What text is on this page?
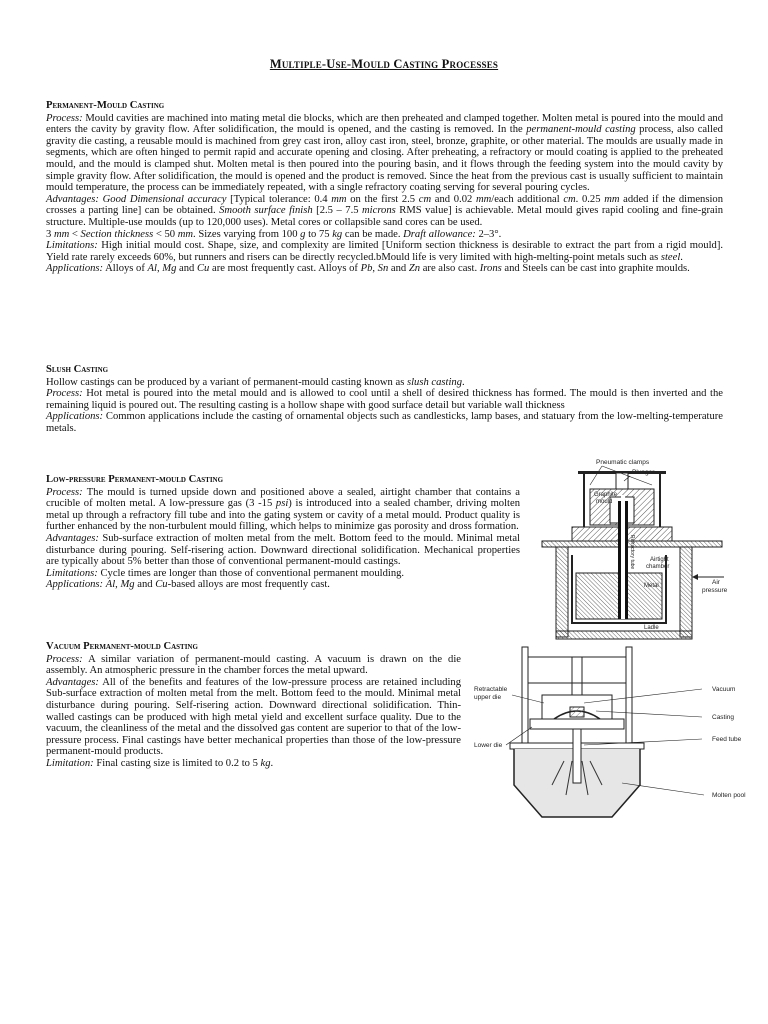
Multiple-Use-Mould Casting Processes
Permanent-Mould Casting

Process: Mould cavities are machined into mating metal die blocks, which are then preheated and clamped together. Molten metal is poured into the mould and enters the cavity by gravity flow. After solidification, the mould is opened, and the casting is removed. In the permanent-mould casting process, also called gravity die casting, a reusable mould is machined from grey cast iron, alloy cast iron, steel, bronze, graphite, or other material. The moulds are usually made in segments, which are often hinged to permit rapid and accurate opening and closing. After preheating, a refractory or mould coating is applied to the preheated mould, and the mould is clamped shut. Molten metal is then poured into the pouring basin, and it flows through the feeding system into the mould cavity by simple gravity flow. After solidification, the mould is opened and the product is removed. Since the heat from the previous cast is usually sufficient to maintain mould temperature, the process can be immediately repeated, with a single refractory coating serving for several pouring cycles.

Advantages: Good Dimensional accuracy [Typical tolerance: 0.4 mm on the first 2.5 cm and 0.02 mm/each additional cm. 0.25 mm added if the dimension crosses a parting line] can be obtained. Smooth surface finish [2.5 – 7.5 microns RMS value] is achievable. Metal mould gives rapid cooling and fine-grain structure. Multiple-use moulds (up to 120,000 uses). Metal cores or collapsible sand cores can be used.

3 mm < Section thickness < 50 mm. Sizes varying from 100 g to 75 kg can be made. Draft allowance: 2–3°.

Limitations: High initial mould cost. Shape, size, and complexity are limited [Uniform section thickness is desirable to extract the part from a rigid mould]. Yield rate rarely exceeds 60%, but runners and risers can be directly recycled.bMould life is very limited with high-melting-point metals such as steel.

Applications: Alloys of Al, Mg and Cu are most frequently cast. Alloys of Pb, Sn and Zn are also cast. Irons and Steels can be cast into graphite moulds.

Slush Casting

Hollow castings can be produced by a variant of permanent-mould casting known as slush casting.

Process: Hot metal is poured into the metal mould and is allowed to cool until a shell of desired thickness has formed. The mould is then inverted and the remaining liquid is poured out. The resulting casting is a hollow shape with good surface detail but variable wall thickness

Applications: Common applications include the casting of ornamental objects such as candlesticks, lamp bases, and statuary from the low-melting-temperature metals.

Low-pressure Permanent-mould Casting

Process: The mould is turned upside down and positioned above a sealed, airtight chamber that contains a crucible of molten metal. A low-pressure gas (3 -15 psi) is introduced into a sealed chamber, driving molten metal up through a refractory fill tube and into the gating system or cavity of a metal mould. Product quality is further enhanced by the non-turbulent mould filling, which helps to minimize gas porosity and dross formation.

Advantages: Sub-surface extraction of molten metal from the melt. Bottom feed to the mould. Minimal metal disturbance during pouring. Self-risering action. Downward directional solidification. Mechanical properties are typically about 5% better than those of conventional permanent-mould castings.

Limitations: Cycle times are longer than those of conventional permanent moulding.

Applications: Al, Mg and Cu-based alloys are most frequently cast.

Vacuum Permanent-mould Casting

Process: A similar variation of permanent-mould casting. A vacuum is drawn on the die assembly. An atmospheric pressure in the chamber forces the metal upward.

Advantages: All of the benefits and features of the low-pressure process are retained including Sub-surface extraction of molten metal from the melt. Bottom feed to the mould. Minimal metal disturbance during pouring. Self-risering action. Downward directional solidification. Thin-walled castings can be produced with high metal yield and excellent surface quality. Due to the vacuum, the cleanliness of the metal and the dissolved gas content are superior to that of the low-pressure process. Final castings have better mechanical properties than those of the low-pressure permanent-mould products.

Limitation: Final casting size is limited to 0.2 to 5 kg.

Pneumatic clamps
Plunger
Graphite
mould
Airtight
chamber
Refractory tube
Metal	Air
pressure
Ladle
Vacuum
Retractable
upper die
Casting
Feed tube
Lower die
Molten pool
